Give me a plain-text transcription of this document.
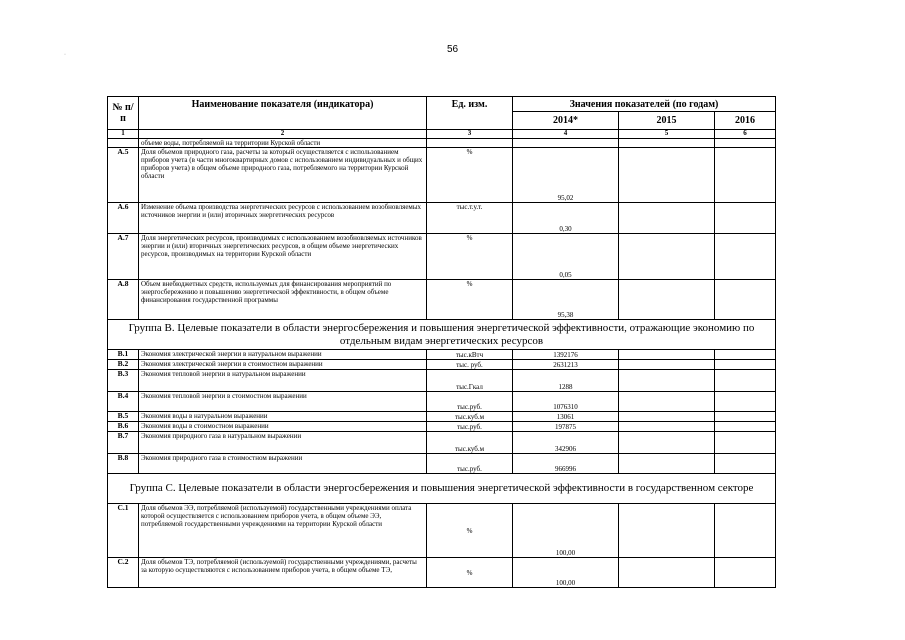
56
·
№ п/п	Наименование показателя (индикатора)	Ед. изм.	Значения показателей (по годам)		
			2014*	2015	2016
1	2	3	4	5	6
	объеме воды, потребляемой на территории Курской области				
А.5	Доля объемов природного газа, расчеты за который осуществляется с использованием приборов учета (в части многоквартирных домов с использованием индивидуальных и общих приборов учета) в общем объеме природного газа, потребляемого на территории Курской области	%	95,02		
А.6	Изменение объема производства энергетических ресурсов с использованием возобновляемых источников энергии и (или) вторичных энергетических ресурсов	тыс.т.у.т.	0,30		
А.7	Доля энергетических ресурсов, производимых с использованием возобновляемых источников энергии и (или) вторичных энергетических ресурсов, в общем объеме энергетических ресурсов, производимых на территории Курской области	%	0,05		
А.8	Объем внебюджетных средств, используемых для финансирования мероприятий по энергосбережению и повышению энергетической эффективности, в общем объеме финансирования государственной программы	%	95,38		
Группа В. Целевые показатели в области энергосбережения и повышения энергетической эффективности, отражающие экономию по отдельным видам энергетических ресурсов					
В.1	Экономия электрической энергии в натуральном выражении	тыс.кВтч	1392176		
В.2	Экономия электрической энергии в стоимостном выражении	тыс. руб.	2631213		
В.3	Экономия тепловой энергии в натуральном выражении	тыс.Гкал	1288		
В.4	Экономия тепловой энергии в стоимостном выражении	тыс.руб.	1076310		
В.5	Экономия воды в натуральном выражении	тыс.куб.м	13061		
В.6	Экономия воды в стоимостном выражении	тыс.руб.	197875		
В.7	Экономия природного газа в натуральном выражении	тыс.куб.м	342906		
В.8	Экономия природного газа в стоимостном выражении	тыс.руб.	966996		
Группа С. Целевые показатели в области энергосбережения и повышения энергетической эффективности в государственном секторе					
С.1	Доля объемов ЭЭ, потребляемой (используемой) государственными учреждениями оплата которой осуществляется с использованием приборов учета, в общем объеме ЭЭ, потребляемой государственными учреждениями на территории Курской области	%	100,00		
С.2	Доля объемов ТЭ, потребляемой (используемой) государственными учреждениями, расчеты за которую осуществляются с использованием приборов учета, в общем объеме ТЭ,	%	100,00		
